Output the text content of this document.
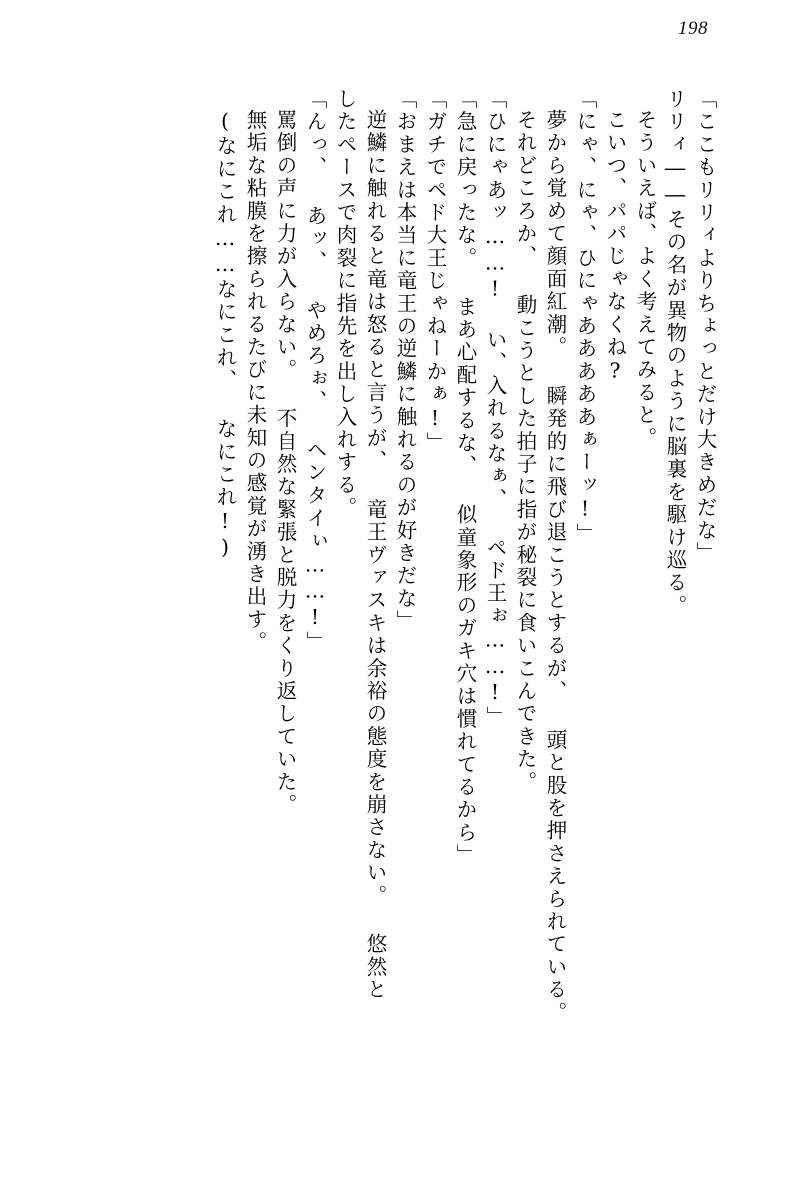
198
「ここもリリィよりちょっとだけ大きめだな」
リリィ――その名が異物のように脳裏を駆け巡る。
そういえば、よく考えてみると。
こいつ、パパじゃなくね?
「にゃ、にゃ、ひにゃあああああぁーッ!」
夢から覚めて顔面紅潮。 瞬発的に飛び退こうとするが、 頭と股を押さえられている。
それどころか、 動こうとした拍子に指が秘裂に食いこんできた。
「ひにゃあッ……! い、入れるなぁ、 ペド王ぉ……!」
「急に戻ったな。 まあ心配するな、 似童象形のガキ穴は慣れてるから」
「ガチでペド大王じゃねーかぁ!」
「おまえは本当に竜王の逆鱗に触れるのが好きだな」
逆鱗に触れると竜は怒ると言うが、 竜王ヴァスキは余裕の態度を崩さない。 悠然と
したペースで肉裂に指先を出し入れする。
「んっ、 あッ、 やめろぉ、 ヘンタイぃ……!」
罵倒の声に力が入らない。 不自然な緊張と脱力をくり返していた。
無垢な粘膜を擦られるたびに未知の感覚が湧き出す。
(なにこれ……なにこれ、 なにこれ!)
